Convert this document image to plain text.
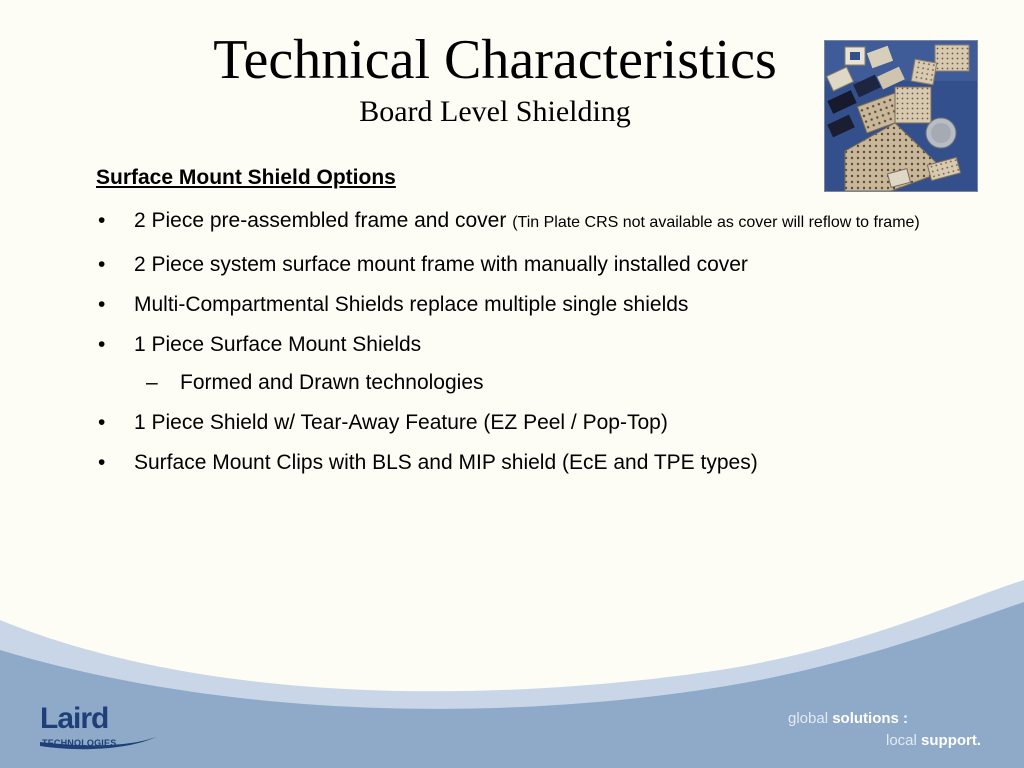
Technical Characteristics
Board Level Shielding
Surface Mount Shield Options
• 2 Piece pre-assembled frame and cover (Tin Plate CRS not available as cover will reflow to frame)
• 2 Piece system surface mount frame with manually installed cover
• Multi-Compartmental Shields replace multiple single shields
• 1 Piece Surface Mount Shields
– Formed and Drawn technologies
• 1 Piece Shield w/ Tear-Away Feature (EZ Peel / Pop-Top)
• Surface Mount Clips with BLS and MIP shield (EcE and TPE types)
Laird
TECHNOLOGIES
global solutions :
local support.
